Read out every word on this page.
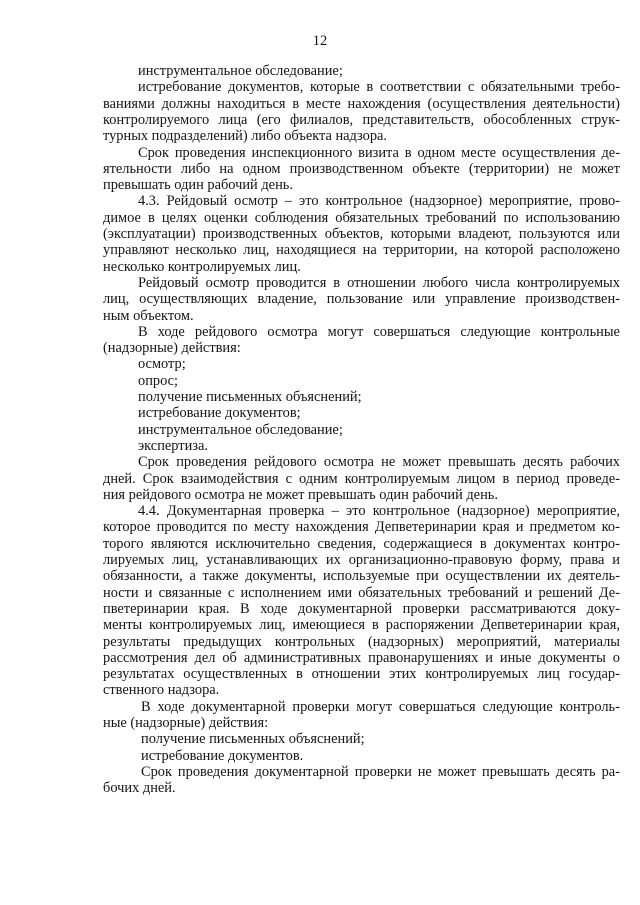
12
инструментальное обследование;
истребование документов, которые в соответствии с обязательными требо-
ваниями должны находиться в месте нахождения (осуществления деятельности)
контролируемого лица (его филиалов, представительств, обособленных струк-
турных подразделений) либо объекта надзора.
Срок проведения инспекционного визита в одном месте осуществления де-
ятельности либо на одном производственном объекте (территории) не может
превышать один рабочий день.
4.3. Рейдовый осмотр – это контрольное (надзорное) мероприятие, прово-
димое в целях оценки соблюдения обязательных требований по использованию
(эксплуатации) производственных объектов, которыми владеют, пользуются или
управляют несколько лиц, находящиеся на территории, на которой расположено
несколько контролируемых лиц.
Рейдовый осмотр проводится в отношении любого числа контролируемых
лиц, осуществляющих владение, пользование или управление производствен-
ным объектом.
В ходе рейдового осмотра могут совершаться следующие контрольные
(надзорные) действия:
осмотр;
опрос;
получение письменных объяснений;
истребование документов;
инструментальное обследование;
экспертиза.
Срок проведения рейдового осмотра не может превышать десять рабочих
дней. Срок взаимодействия с одним контролируемым лицом в период проведе-
ния рейдового осмотра не может превышать один рабочий день.
4.4. Документарная проверка – это контрольное (надзорное) мероприятие,
которое проводится по месту нахождения Депветеринарии края и предметом ко-
торого являются исключительно сведения, содержащиеся в документах контро-
лируемых лиц, устанавливающих их организационно-правовую форму, права и
обязанности, а также документы, используемые при осуществлении их деятель-
ности и связанные с исполнением ими обязательных требований и решений Де-
пветеринарии края. В ходе документарной проверки рассматриваются доку-
менты контролируемых лиц, имеющиеся в распоряжении Депветеринарии края,
результаты предыдущих контрольных (надзорных) мероприятий, материалы
рассмотрения дел об административных правонарушениях и иные документы о
результатах осуществленных в отношении этих контролируемых лиц государ-
ственного надзора.
В ходе документарной проверки могут совершаться следующие контроль-
ные (надзорные) действия:
получение письменных объяснений;
истребование документов.
Срок проведения документарной проверки не может превышать десять ра-
бочих дней.
